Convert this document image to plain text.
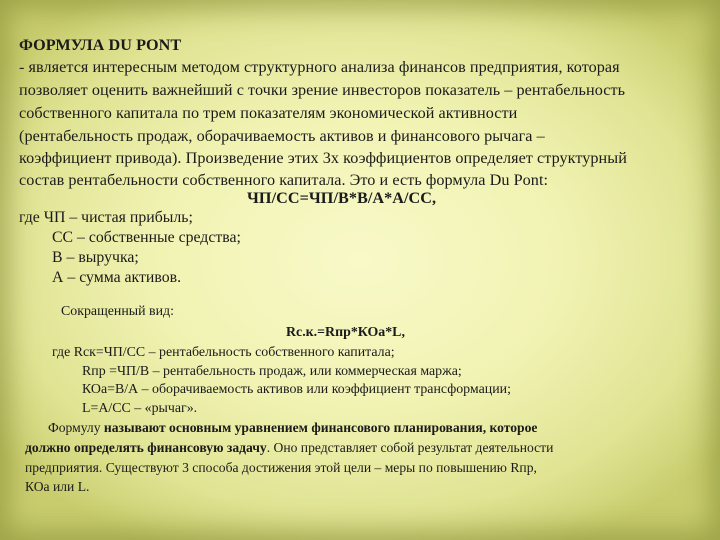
ФОРМУЛА DU PONT
- является интересным методом структурного анализа финансов предприятия, которая
позволяет оценить важнейший с точки зрение инвесторов показатель – рентабельность
собственного капитала по трем показателям экономической активности
(рентабельность продаж, оборачиваемость активов и финансового рычага –
коэффициент привода). Произведение этих 3х коэффициентов определяет структурный
состав рентабельности собственного капитала. Это и есть формула Du Pont:
ЧП/СС=ЧП/В*В/А*А/СС,
где ЧП – чистая прибыль;
СС – собственные средства;
В – выручка;
А – сумма активов.
Сокращенный вид:
Rс.к.=Rпр*КОа*L,
где Rск=ЧП/СС – рентабельность собственного капитала;
Rпр =ЧП/В – рентабельность продаж, или коммерческая маржа;
КОа=В/А – оборачиваемость активов или коэффициент трансформации;
L=А/СС – «рычаг».
Формулу называют основным уравнением финансового планирования, которое
должно определять финансовую задачу. Оно представляет собой результат деятельности
предприятия. Существуют 3 способа достижения этой цели – меры по повышению Rпр,
КОа или L.
